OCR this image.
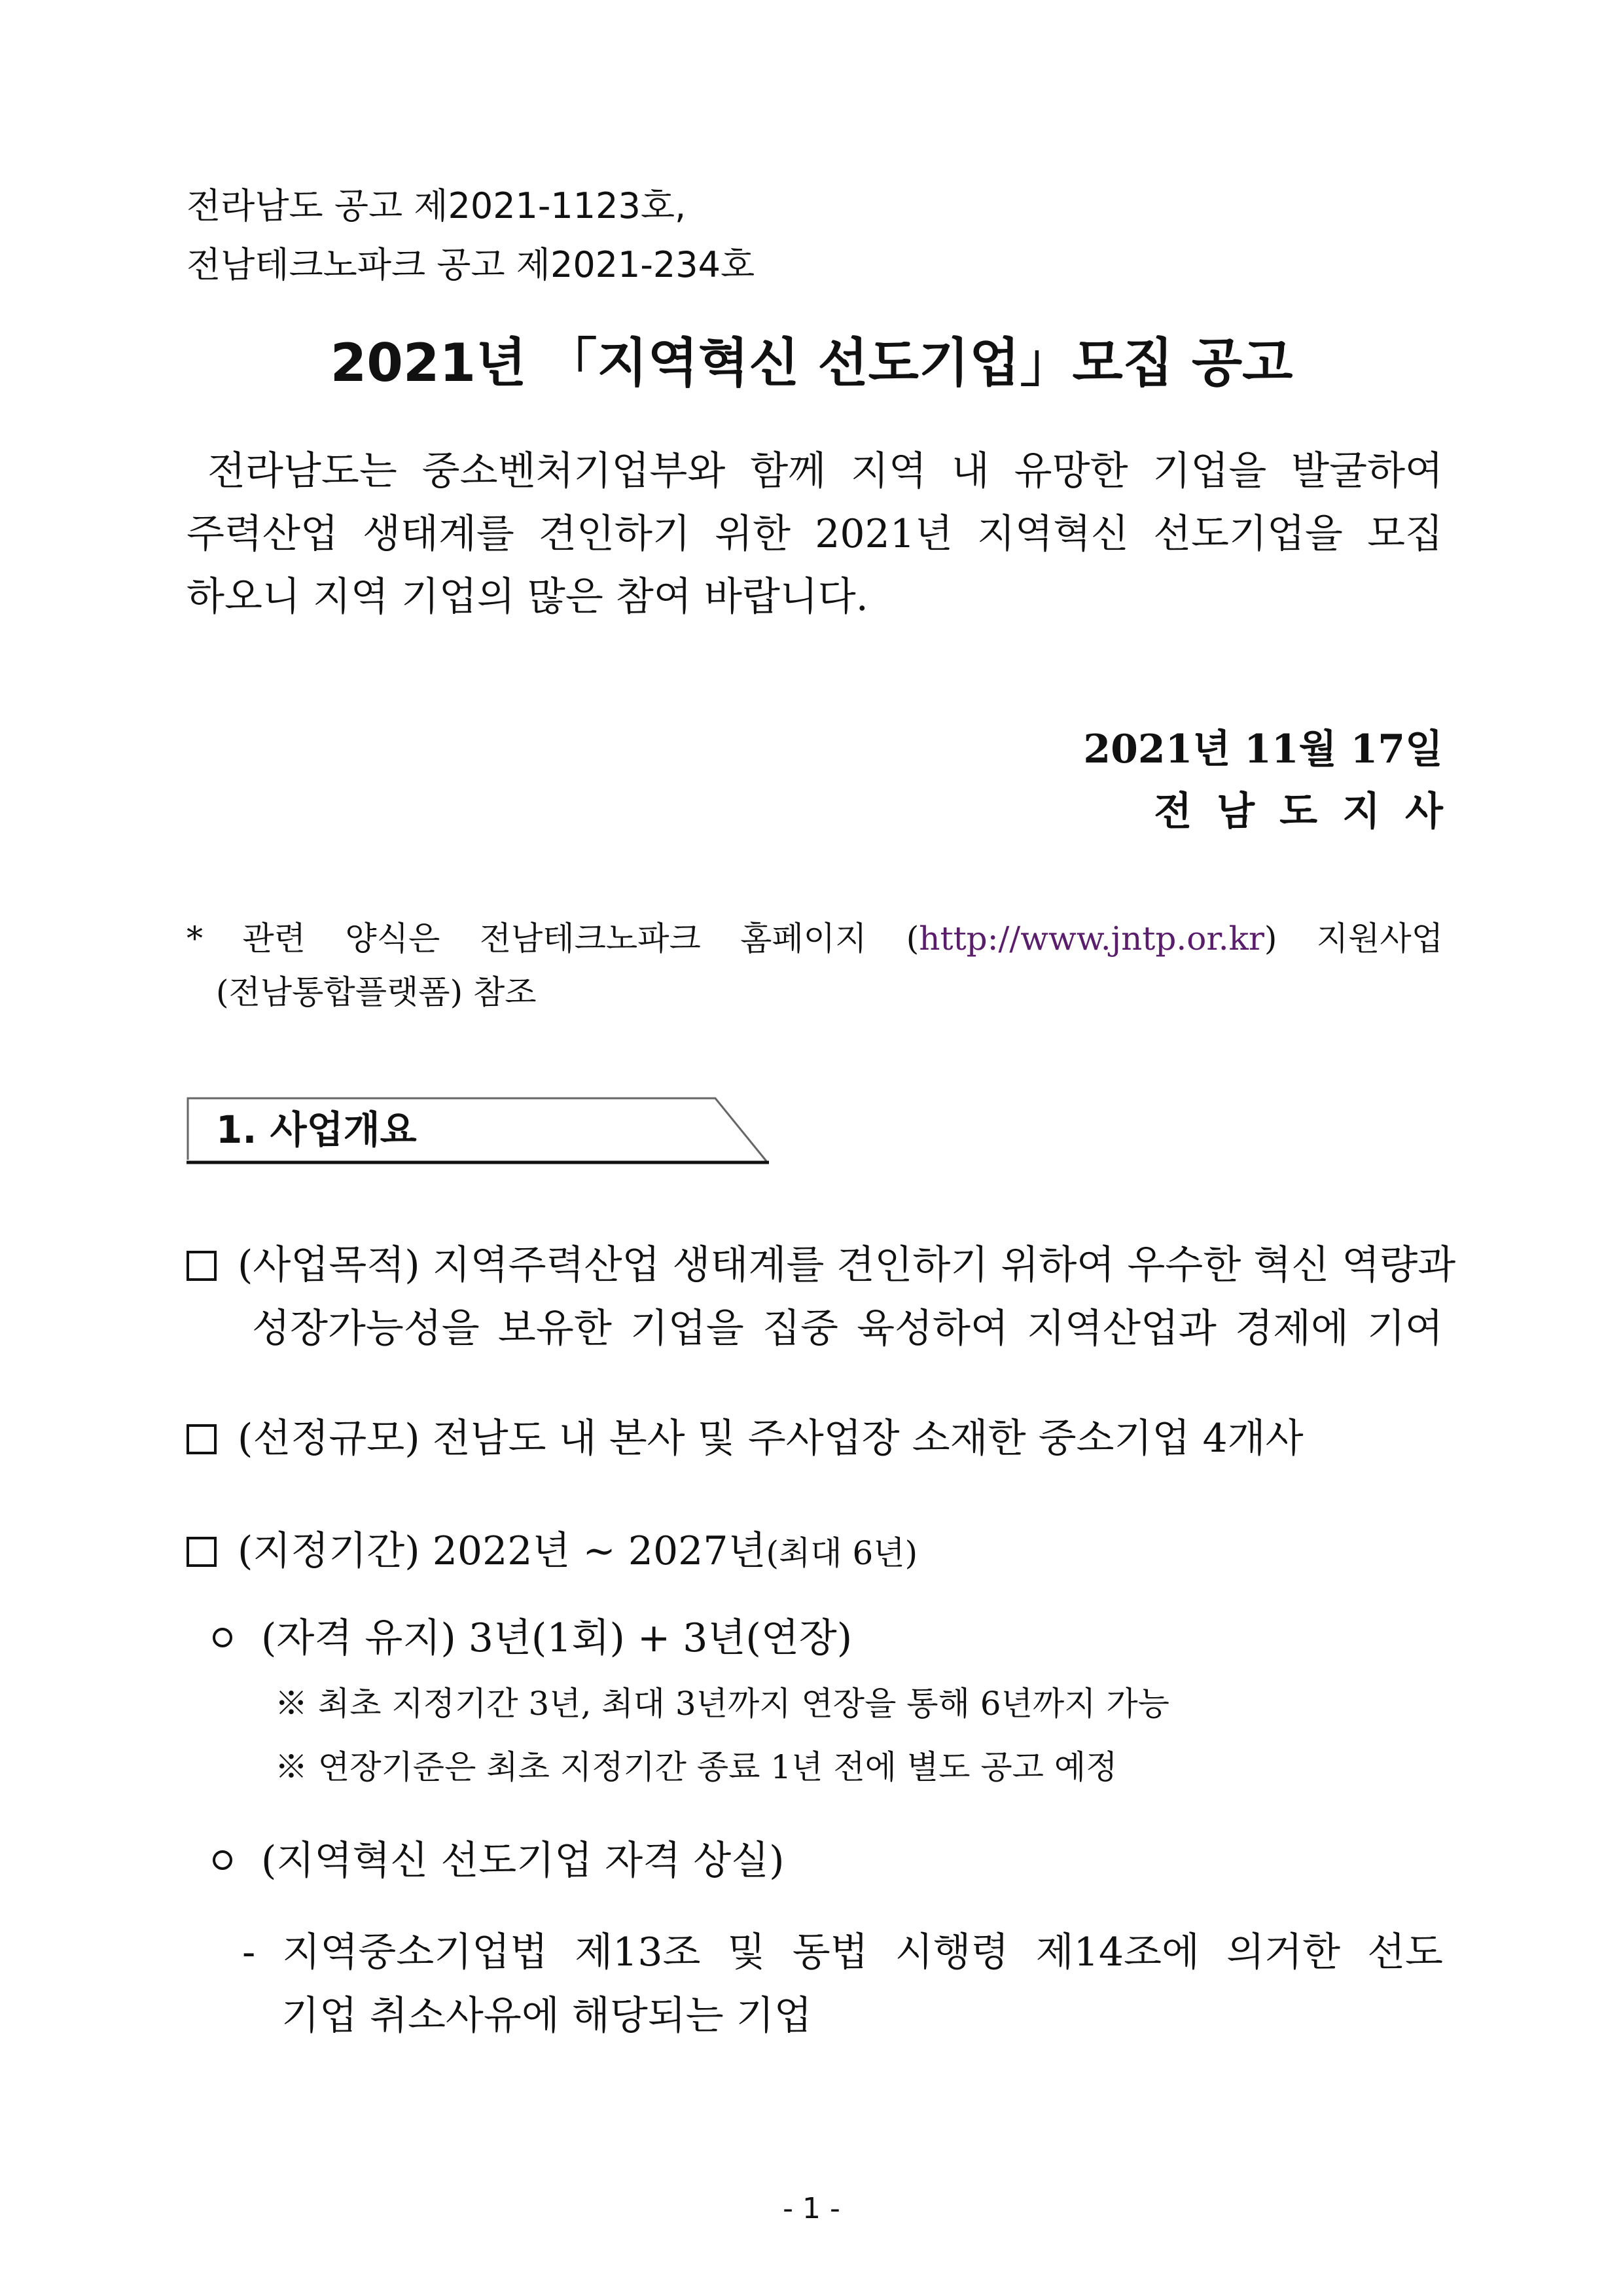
전라남도 공고 제2021-1123호,
전남테크노파크 공고 제2021-234호
2021년 「지역혁신 선도기업」모집 공고
전라남도는 중소벤처기업부와 함께 지역 내 유망한 기업을 발굴하여
주력산업 생태계를 견인하기 위한 2021년 지역혁신 선도기업을 모집
하오니 지역 기업의 많은 참여 바랍니다.
2021년 11월 17일
전남도지사
* 관련 양식은 전남테크노파크 홈페이지 (http://www.jntp.or.kr) 지원사업
(전남통합플랫폼) 참조
1. 사업개요
(사업목적) 지역주력산업 생태계를 견인하기 위하여 우수한 혁신 역량과
성장가능성을 보유한 기업을 집중 육성하여 지역산업과 경제에 기여
(선정규모) 전남도 내 본사 및 주사업장 소재한 중소기업 4개사
(지정기간) 2022년 ~ 2027년(최대 6년)
(자격 유지) 3년(1회) + 3년(연장)
※ 최초 지정기간 3년, 최대 3년까지 연장을 통해 6년까지 가능
※ 연장기준은 최초 지정기간 종료 1년 전에 별도 공고 예정
(지역혁신 선도기업 자격 상실)
- 지역중소기업법 제13조 및 동법 시행령 제14조에 의거한 선도
기업 취소사유에 해당되는 기업
- 1 -
